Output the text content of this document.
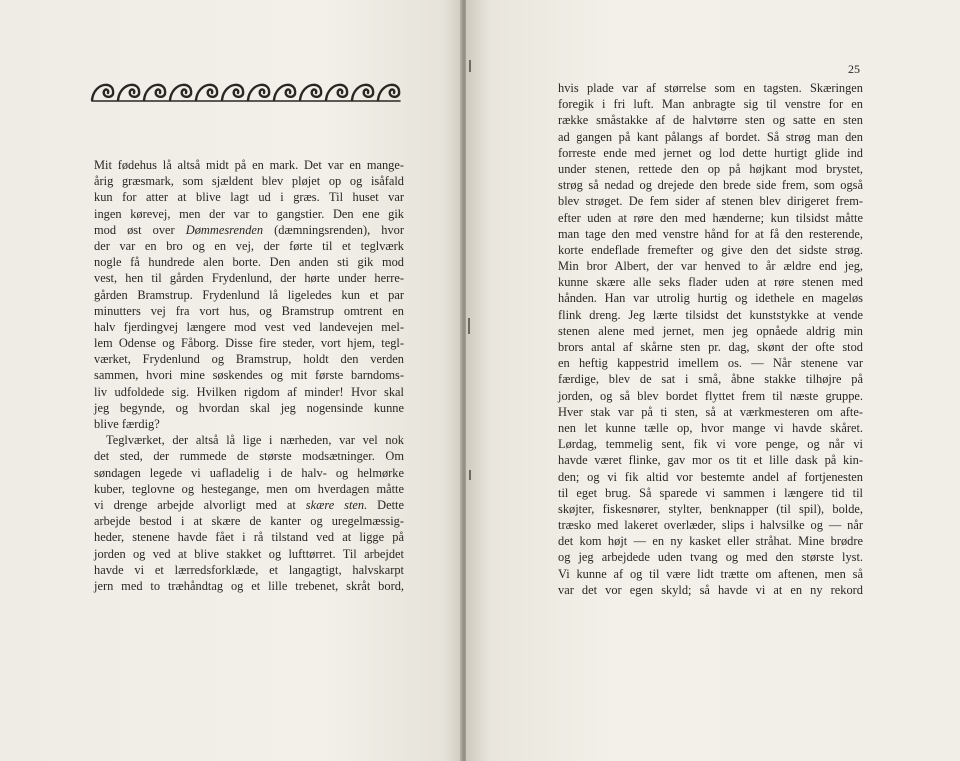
Mit fødehus lå altså midt på en mark. Det var en mange-
årig græsmark, som sjældent blev pløjet op og isåfald
kun for atter at blive lagt ud i græs. Til huset var
ingen kørevej, men der var to gangstier. Den ene gik
mod øst over Dømmesrenden (dæmningsrenden), hvor
der var en bro og en vej, der førte til et teglværk
nogle få hundrede alen borte. Den anden sti gik mod
vest, hen til gården Frydenlund, der hørte under herre-
gården Bramstrup. Frydenlund lå ligeledes kun et par
minutters vej fra vort hus, og Bramstrup omtrent en
halv fjerdingvej længere mod vest ved landevejen mel-
lem Odense og Fåborg. Disse fire steder, vort hjem, tegl-
værket, Frydenlund og Bramstrup, holdt den verden
sammen, hvori mine søskendes og mit første barndoms-
liv udfoldede sig. Hvilken rigdom af minder! Hvor skal
jeg begynde, og hvordan skal jeg nogensinde kunne
blive færdig?
Teglværket, der altså lå lige i nærheden, var vel nok
det sted, der rummede de største modsætninger. Om
søndagen legede vi uafladelig i de halv- og helmørke
kuber, teglovne og hestegange, men om hverdagen måtte
vi drenge arbejde alvorligt med at skære sten. Dette
arbejde bestod i at skære de kanter og uregelmæssig-
heder, stenene havde fået i rå tilstand ved at ligge på
jorden og ved at blive stakket og lufttørret. Til arbejdet
havde vi et lærredsforklæde, et langagtigt, halvskarpt
jern med to træhåndtag og et lille trebenet, skråt bord,
25
hvis plade var af størrelse som en tagsten. Skæringen
foregik i fri luft. Man anbragte sig til venstre for en
række småstakke af de halvtørre sten og satte en sten
ad gangen på kant pålangs af bordet. Så strøg man den
forreste ende med jernet og lod dette hurtigt glide ind
under stenen, rettede den op på højkant mod brystet,
strøg så nedad og drejede den brede side frem, som også
blev strøget. De fem sider af stenen blev dirigeret frem-
efter uden at røre den med hænderne; kun tilsidst måtte
man tage den med venstre hånd for at få den resterende,
korte endeflade fremefter og give den det sidste strøg.
Min bror Albert, der var henved to år ældre end jeg,
kunne skære alle seks flader uden at røre stenen med
hånden. Han var utrolig hurtig og idethele en mageløs
flink dreng. Jeg lærte tilsidst det kunststykke at vende
stenen alene med jernet, men jeg opnåede aldrig min
brors antal af skårne sten pr. dag, skønt der ofte stod
en heftig kappestrid imellem os. — Når stenene var
færdige, blev de sat i små, åbne stakke tilhøjre på
jorden, og så blev bordet flyttet frem til næste gruppe.
Hver stak var på ti sten, så at værkmesteren om afte-
nen let kunne tælle op, hvor mange vi havde skåret.
Lørdag, temmelig sent, fik vi vore penge, og når vi
havde været flinke, gav mor os tit et lille dask på kin-
den; og vi fik altid vor bestemte andel af fortjenesten
til eget brug. Så sparede vi sammen i længere tid til
skøjter, fiskesnører, stylter, benknapper (til spil), bolde,
træsko med lakeret overlæder, slips i halvsilke og — når
det kom højt — en ny kasket eller stråhat. Mine brødre
og jeg arbejdede uden tvang og med den største lyst.
Vi kunne af og til være lidt trætte om aftenen, men så
var det vor egen skyld; så havde vi at en ny rekord
